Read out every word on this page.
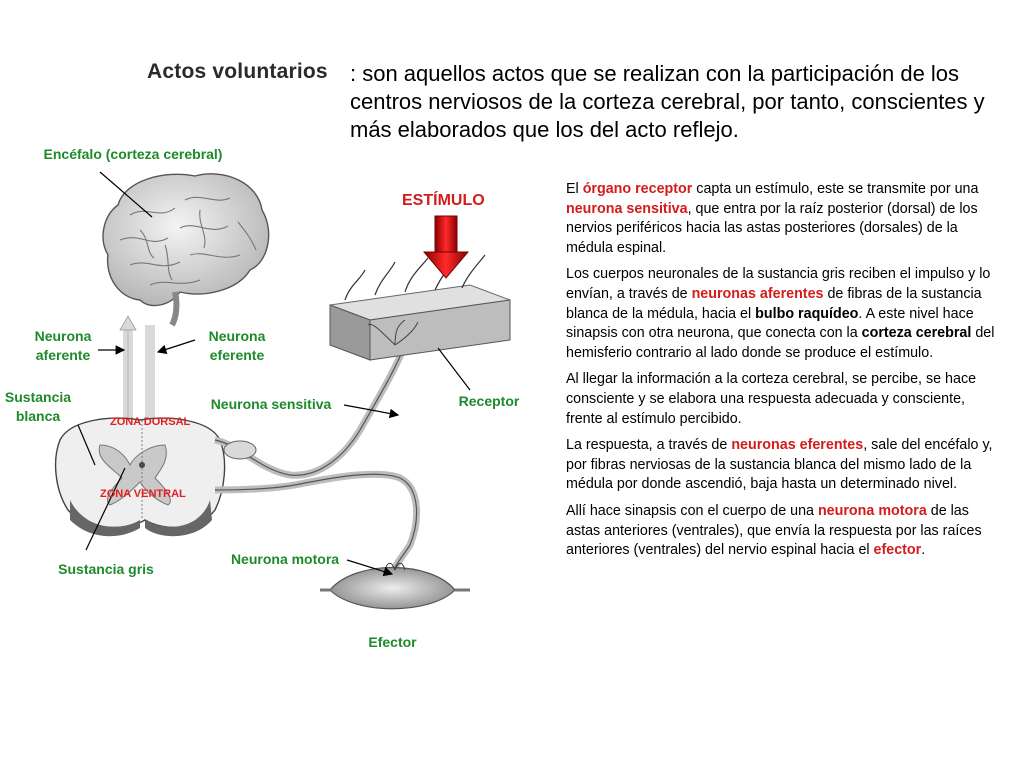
Actos voluntarios : son aquellos actos que se realizan con la participación de los centros nerviosos de la corteza cerebral, por tanto, conscientes y más elaborados que los del acto reflejo.
Encéfalo (corteza cerebral)
Neurona aferente
Neurona eferente
Sustancia blanca	ZONA DORSAL
ZONA VENTRAL
Neurona sensitiva
Sustancia gris
Neurona motora
Efector
Receptor
ESTÍMULO

El órgano receptor capta un estímulo, este se transmite por una neurona sensitiva, que entra por la raíz posterior (dorsal) de los nervios periféricos hacia las astas posteriores (dorsales) de la médula espinal.

Los cuerpos neuronales de la sustancia gris reciben el impulso y lo envían, a través de neuronas aferentes de fibras de la sustancia blanca de la médula, hacia el bulbo raquídeo. A este nivel hace sinapsis con otra neurona, que conecta con la corteza cerebral del hemisferio contrario al lado donde se produce el estímulo.

Al llegar la información a la corteza cerebral, se percibe, se hace consciente y se elabora una respuesta adecuada y consciente, frente al estímulo percibido.

La respuesta, a través de neuronas eferentes, sale del encéfalo y, por fibras nerviosas de la sustancia blanca del mismo lado de la médula por donde ascendió, baja hasta un determinado nivel.

Allí hace sinapsis con el cuerpo de una neurona motora de las astas anteriores (ventrales), que envía la respuesta por las raíces anteriores (ventrales) del nervio espinal hacia el efector.
